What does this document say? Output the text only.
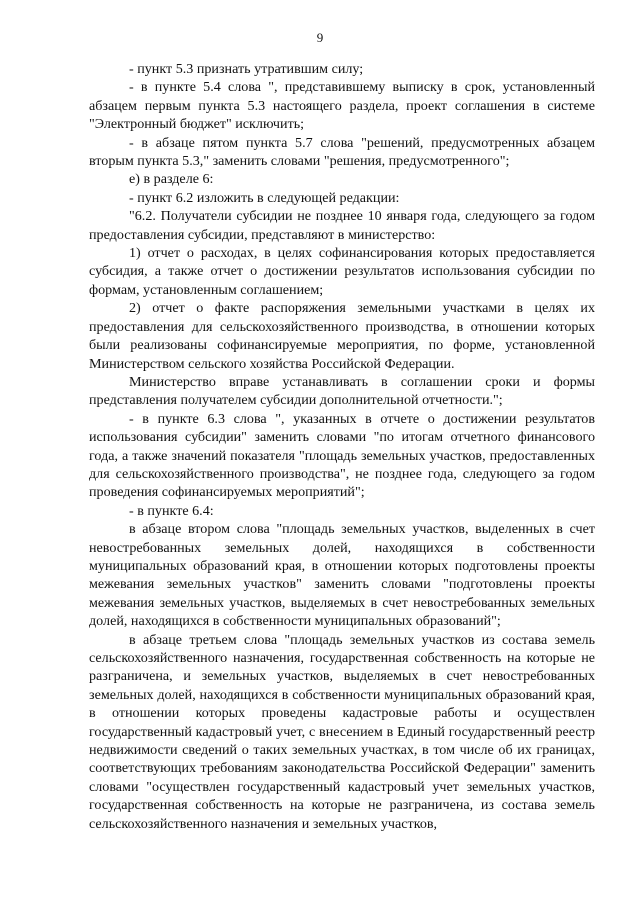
9

- пункт 5.3 признать утратившим силу;

- в пункте 5.4 слова ", представившему выписку в срок, установленный абзацем первым пункта 5.3 настоящего раздела, проект соглашения в системе "Электронный бюджет" исключить;

- в абзаце пятом пункта 5.7 слова "решений, предусмотренных абзацем вторым пункта 5.3," заменить словами "решения, предусмотренного";

е) в разделе 6:

- пункт 6.2 изложить в следующей редакции:

"6.2. Получатели субсидии не позднее 10 января года, следующего за годом предоставления субсидии, представляют в министерство:

1) отчет о расходах, в целях софинансирования которых предоставляется субсидия, а также отчет о достижении результатов использования субсидии по формам, установленным соглашением;

2) отчет о факте распоряжения земельными участками в целях их предоставления для сельскохозяйственного производства, в отношении которых были реализованы софинансируемые мероприятия, по форме, установленной Министерством сельского хозяйства Российской Федерации.

Министерство вправе устанавливать в соглашении сроки и формы представления получателем субсидии дополнительной отчетности.";

- в пункте 6.3 слова ", указанных в отчете о достижении результатов использования субсидии" заменить словами "по итогам отчетного финансового года, а также значений показателя "площадь земельных участков, предоставленных для сельскохозяйственного производства", не позднее года, следующего за годом проведения софинансируемых мероприятий";

- в пункте 6.4:

в абзаце втором слова "площадь земельных участков, выделенных в счет невостребованных земельных долей, находящихся в собственности муниципальных образований края, в отношении которых подготовлены проекты межевания земельных участков" заменить словами "подготовлены проекты межевания земельных участков, выделяемых в счет невостребованных земельных долей, находящихся в собственности муниципальных образований";

в абзаце третьем слова "площадь земельных участков из состава земель сельскохозяйственного назначения, государственная собственность на которые не разграничена, и земельных участков, выделяемых в счет невостребованных земельных долей, находящихся в собственности муниципальных образований края, в отношении которых проведены кадастровые работы и осуществлен государственный кадастровый учет, с внесением в Единый государственный реестр недвижимости сведений о таких земельных участках, в том числе об их границах, соответствующих требованиям законодательства Российской Федерации" заменить словами "осуществлен государственный кадастровый учет земельных участков, государственная собственность на которые не разграничена, из состава земель сельскохозяйственного назначения и земельных участков,
